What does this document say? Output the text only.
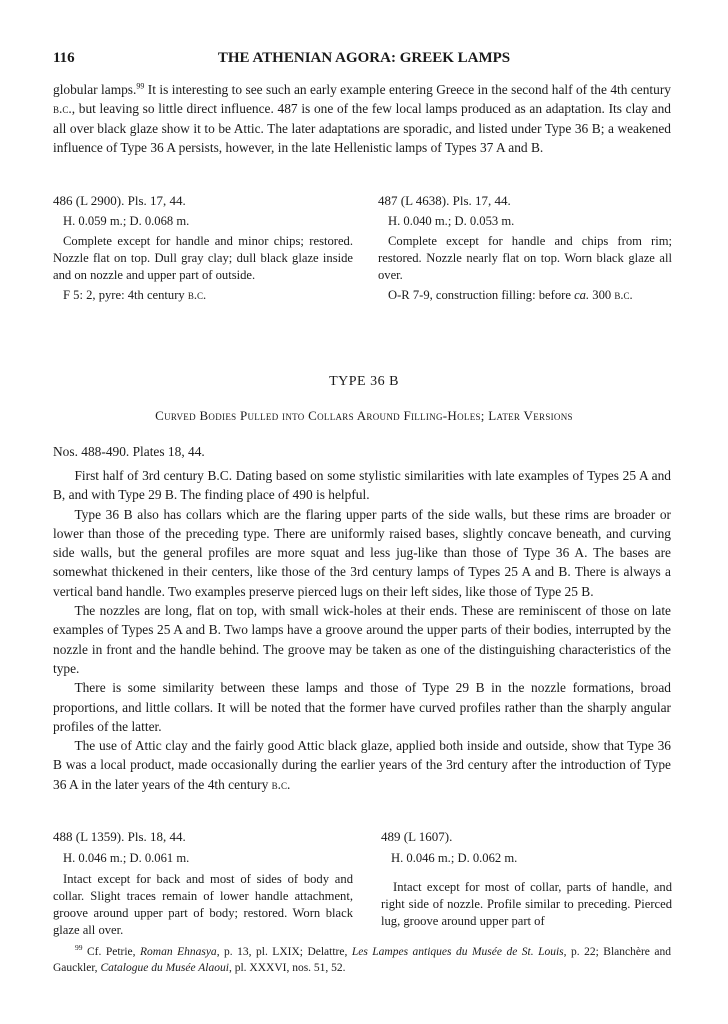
116	THE ATHENIAN AGORA: GREEK LAMPS
globular lamps.$^{99}$ It is interesting to see such an early example entering Greece in the second half of the 4th century b.c., but leaving so little direct influence. 487 is one of the few local lamps produced as an adaptation. Its clay and all over black glaze show it to be Attic. The later adaptations are sporadic, and listed under Type 36 B; a weakened influence of Type 36 A persists, however, in the late Hellenistic lamps of Types 37 A and B.
486 (L 2900). Pls. 17, 44.
H. 0.059 m.; D. 0.068 m.
Complete except for handle and minor chips; restored. Nozzle flat on top. Dull gray clay; dull black glaze inside and on nozzle and upper part of outside.
F 5: 2, pyre: 4th century b.c.
487 (L 4638). Pls. 17, 44.
H. 0.040 m.; D. 0.053 m.
Complete except for handle and chips from rim; restored. Nozzle nearly flat on top. Worn black glaze all over.
O-R 7-9, construction filling: before ca. 300 b.c.
TYPE 36 B
Curved Bodies Pulled into Collars Around Filling-Holes; Later Versions
Nos. 488-490. Plates 18, 44.

First half of 3rd century B.C. Dating based on some stylistic similarities with late examples of Types 25 A and B, and with Type 29 B. The finding place of 490 is helpful.

Type 36 B also has collars which are the flaring upper parts of the side walls, but these rims are broader or lower than those of the preceding type. There are uniformly raised bases, slightly concave beneath, and curving side walls, but the general profiles are more squat and less jug-like than those of Type 36 A. The bases are somewhat thickened in their centers, like those of the 3rd century lamps of Types 25 A and B. There is always a vertical band handle. Two examples preserve pierced lugs on their left sides, like those of Type 25 B.

The nozzles are long, flat on top, with small wick-holes at their ends. These are reminiscent of those on late examples of Types 25 A and B. Two lamps have a groove around the upper parts of their bodies, interrupted by the nozzle in front and the handle behind. The groove may be taken as one of the distinguishing characteristics of the type.

There is some similarity between these lamps and those of Type 29 B in the nozzle formations, broad proportions, and little collars. It will be noted that the former have curved profiles rather than the sharply angular profiles of the latter.

The use of Attic clay and the fairly good Attic black glaze, applied both inside and outside, show that Type 36 B was a local product, made occasionally during the earlier years of the 3rd century after the introduction of Type 36 A in the later years of the 4th century b.c.

488 (L 1359). Pls. 18, 44.
H. 0.046 m.; D. 0.061 m.
Intact except for back and most of sides of body and collar. Slight traces remain of lower handle attachment, groove around upper part of body; restored. Worn black glaze all over.
489 (L 1607).
H. 0.046 m.; D. 0.062 m.
Intact except for most of collar, parts of handle, and right side of nozzle. Profile similar to preceding. Pierced lug, groove around upper part of
$^{99}$ Cf. Petrie, Roman Ehnasya, p. 13, pl. LXIX; Delattre, Les Lampes antiques du Musée de St. Louis, p. 22; Blanchère and Gauckler, Catalogue du Musée Alaoui, pl. XXXVI, nos. 51, 52.
